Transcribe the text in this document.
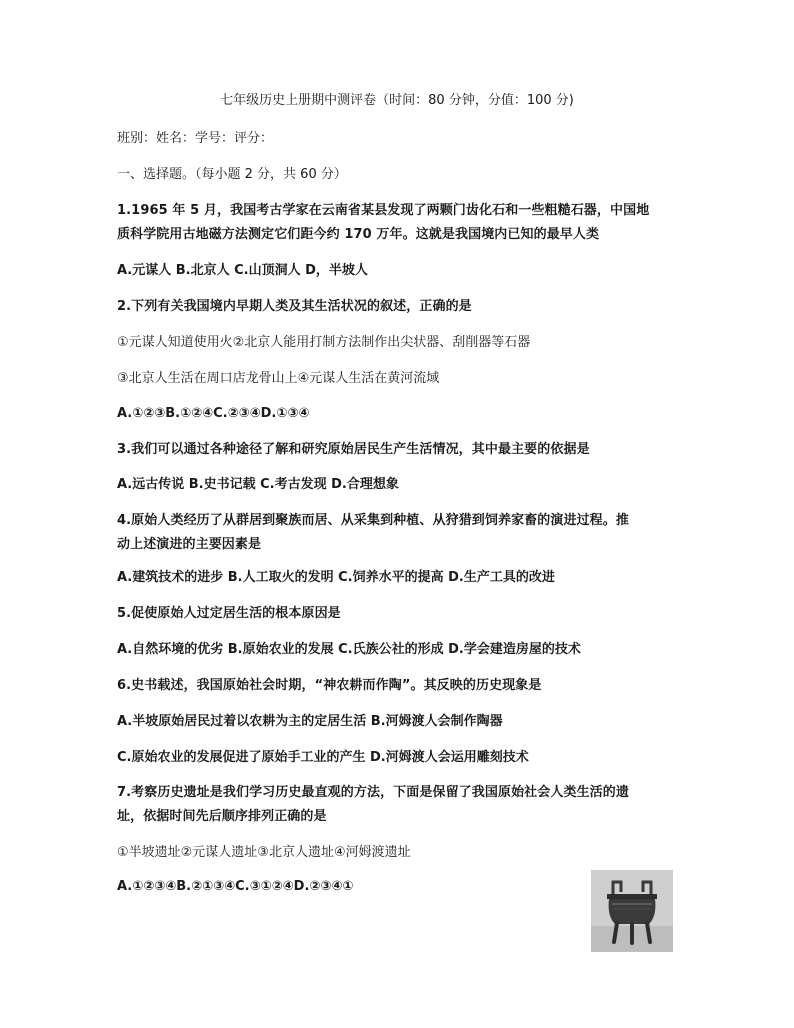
七年级历史上册期中测评卷（时间：80 分钟，分值：100 分)
班别：姓名：学号：评分：
一、选择题。（每小题 2 分，共 60 分）
1.1965 年 5 月，我国考古学家在云南省某县发现了两颗门齿化石和一些粗糙石器，中国地
质科学院用古地磁方法测定它们距今约 170 万年。这就是我国境内已知的最早人类
A.元谋人 B.北京人 C.山顶洞人 D，半坡人
2.下列有关我国境内早期人类及其生活状况的叙述，正确的是
①元谋人知道使用火②北京人能用打制方法制作出尖状器、刮削器等石器
③北京人生活在周口店龙骨山上④元谋人生活在黄河流域
A.①②③B.①②④C.②③④D.①③④
3.我们可以通过各种途径了解和研究原始居民生产生活情况，其中最主要的依据是
A.远古传说 B.史书记载 C.考古发现 D.合理想象
4.原始人类经历了从群居到聚族而居、从采集到种植、从狩猎到饲养家畜的演进过程。推
动上述演进的主要因素是
A.建筑技术的进步 B.人工取火的发明 C.饲养水平的提高 D.生产工具的改进
5.促使原始人过定居生活的根本原因是
A.自然环境的优劣 B.原始农业的发展 C.氏族公社的形成 D.学会建造房屋的技术
6.史书载述，我国原始社会时期，“神农耕而作陶”。其反映的历史现象是
A.半坡原始居民过着以农耕为主的定居生活 B.河姆渡人会制作陶器
C.原始农业的发展促进了原始手工业的产生 D.河姆渡人会运用雕刻技术
7.考察历史遗址是我们学习历史最直观的方法，下面是保留了我国原始社会人类生活的遗
址，依据时间先后顺序排列正确的是
①半坡遗址②元谋人遗址③北京人遗址④河姆渡遗址
A.①②③④B.②①③④C.③①②④D.②③④①
